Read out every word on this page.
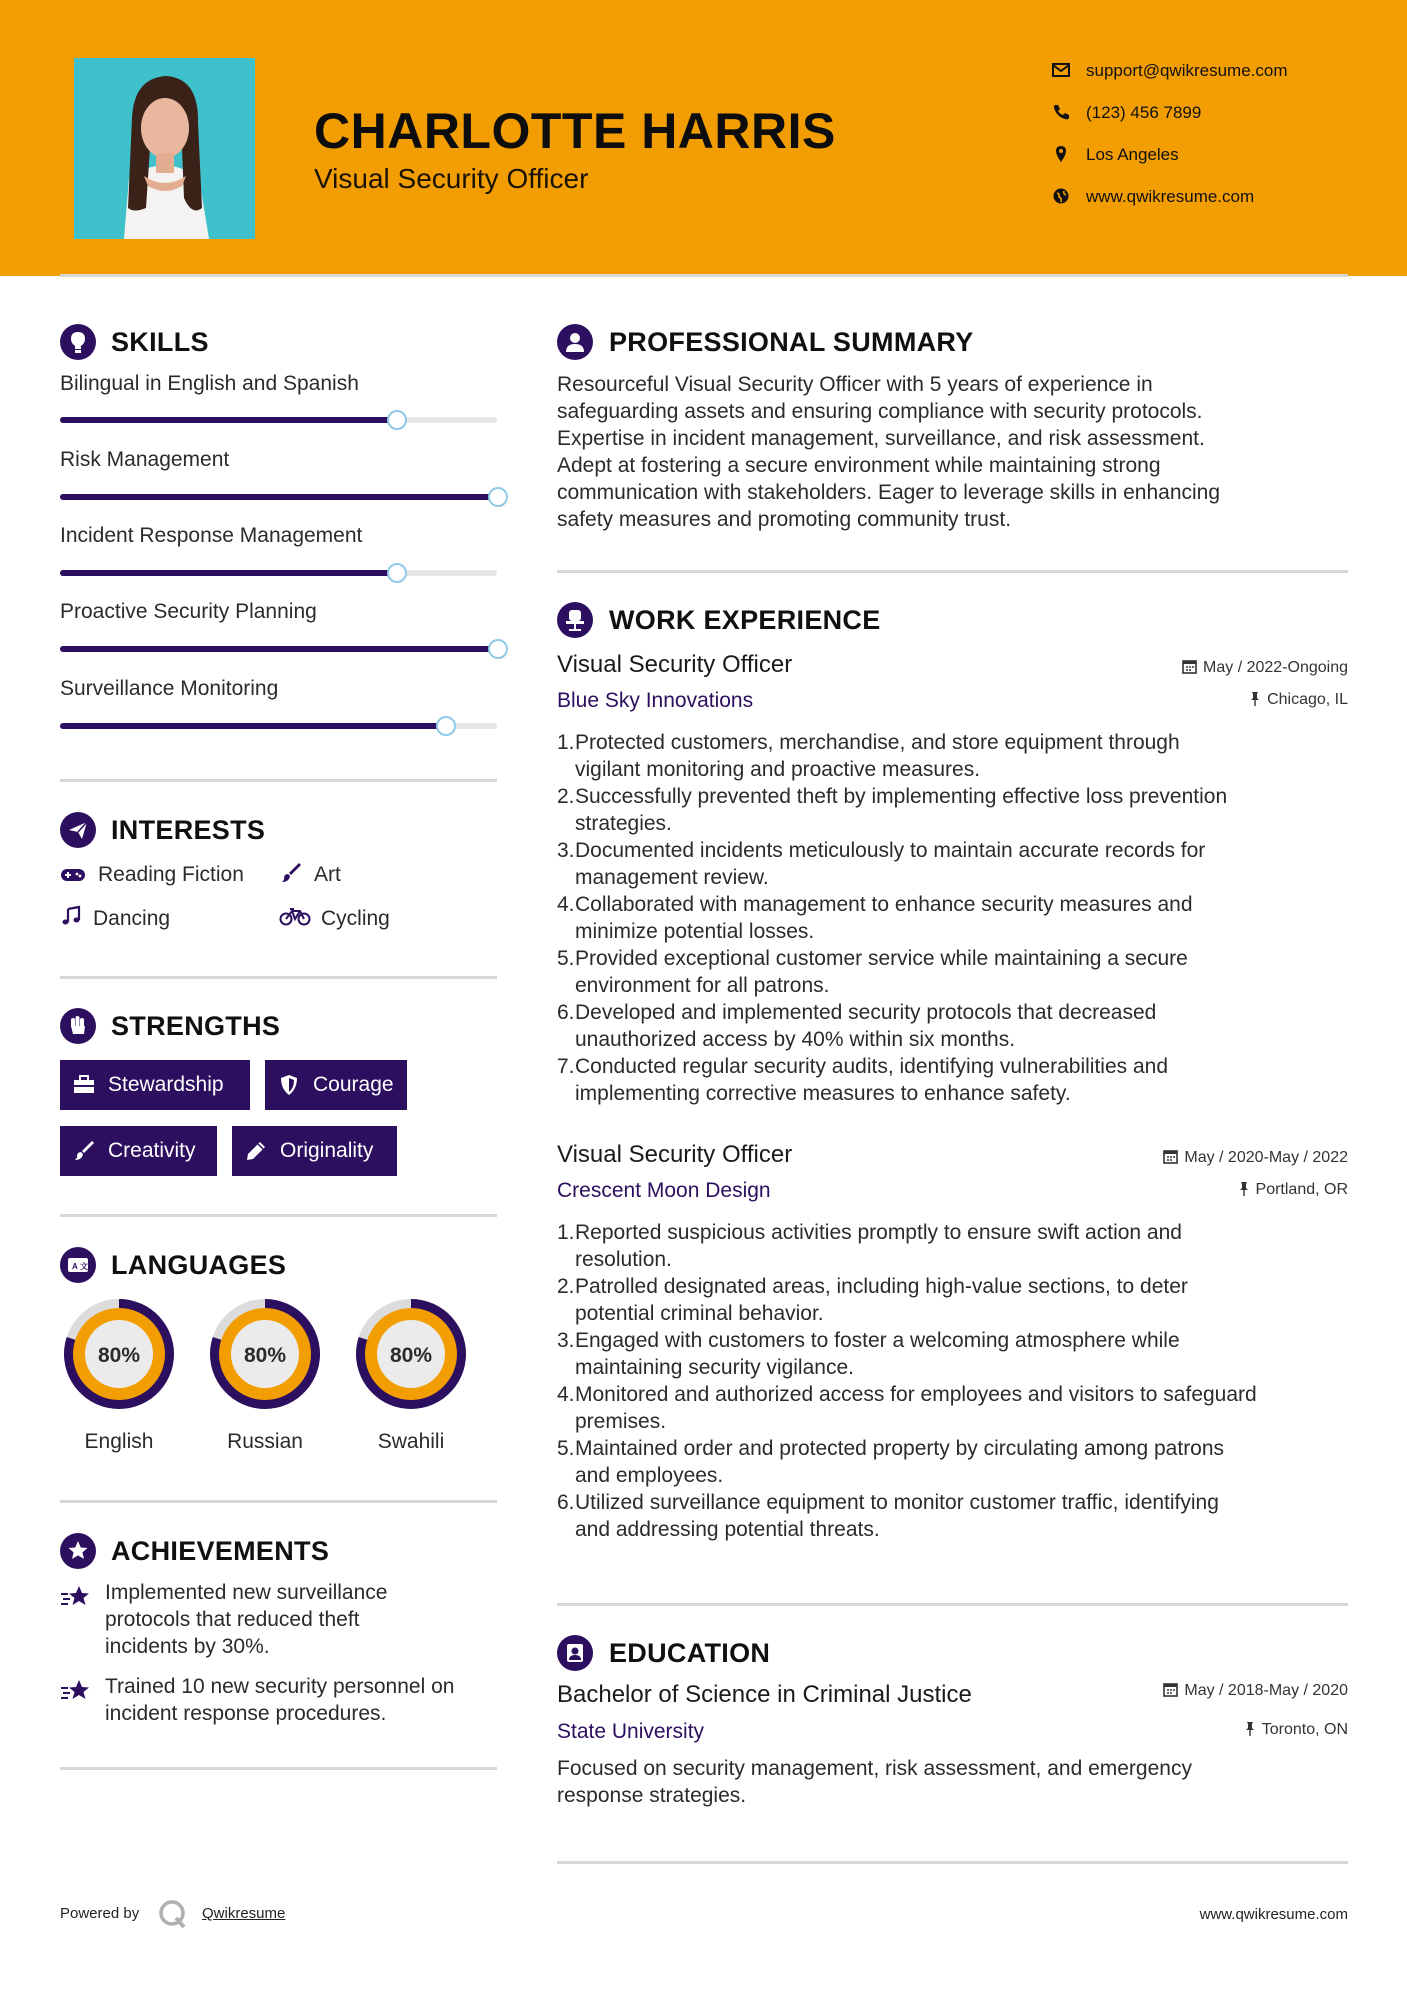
CHARLOTTE HARRIS
Visual Security Officer
support@qwikresume.com
(123) 456 7899
Los Angeles
www.qwikresume.com
SKILLS
Bilingual in English and Spanish
Risk Management
Incident Response Management
Proactive Security Planning
Surveillance Monitoring
INTERESTS
Reading Fiction	Art
Dancing	Cycling
STRENGTHS
Stewardship	Courage
Creativity	Originality
A 文 LANGUAGES
80%
English
80%
Russian
80%
Swahili
ACHIEVEMENTS
Implemented new surveillance
protocols that reduced theft
incidents by 30%.
Trained 10 new security personnel on
incident response procedures.
PROFESSIONAL SUMMARY
Resourceful Visual Security Officer with 5 years of experience in
safeguarding assets and ensuring compliance with security protocols.
Expertise in incident management, surveillance, and risk assessment.
Adept at fostering a secure environment while maintaining strong
communication with stakeholders. Eager to leverage skills in enhancing
safety measures and promoting community trust.
WORK EXPERIENCE
Visual Security Officer
Blue Sky Innovations
May / 2022-Ongoing
Chicago, IL
1. Protected customers, merchandise, and store equipment through
vigilant monitoring and proactive measures.
2. Successfully prevented theft by implementing effective loss prevention
strategies.
3. Documented incidents meticulously to maintain accurate records for
management review.
4. Collaborated with management to enhance security measures and
minimize potential losses.
5. Provided exceptional customer service while maintaining a secure
environment for all patrons.
6. Developed and implemented security protocols that decreased
unauthorized access by 40% within six months.
7. Conducted regular security audits, identifying vulnerabilities and
implementing corrective measures to enhance safety.
Visual Security Officer
Crescent Moon Design
May / 2020-May / 2022
Portland, OR
1. Reported suspicious activities promptly to ensure swift action and
resolution.
2. Patrolled designated areas, including high-value sections, to deter
potential criminal behavior.
3. Engaged with customers to foster a welcoming atmosphere while
maintaining security vigilance.
4. Monitored and authorized access for employees and visitors to safeguard
premises.
5. Maintained order and protected property by circulating among patrons
and employees.
6. Utilized surveillance equipment to monitor customer traffic, identifying
and addressing potential threats.
EDUCATION
Bachelor of Science in Criminal Justice
State University
May / 2018-May / 2020
Toronto, ON
Focused on security management, risk assessment, and emergency
response strategies.
Powered by	Qwikresume	www.qwikresume.com
